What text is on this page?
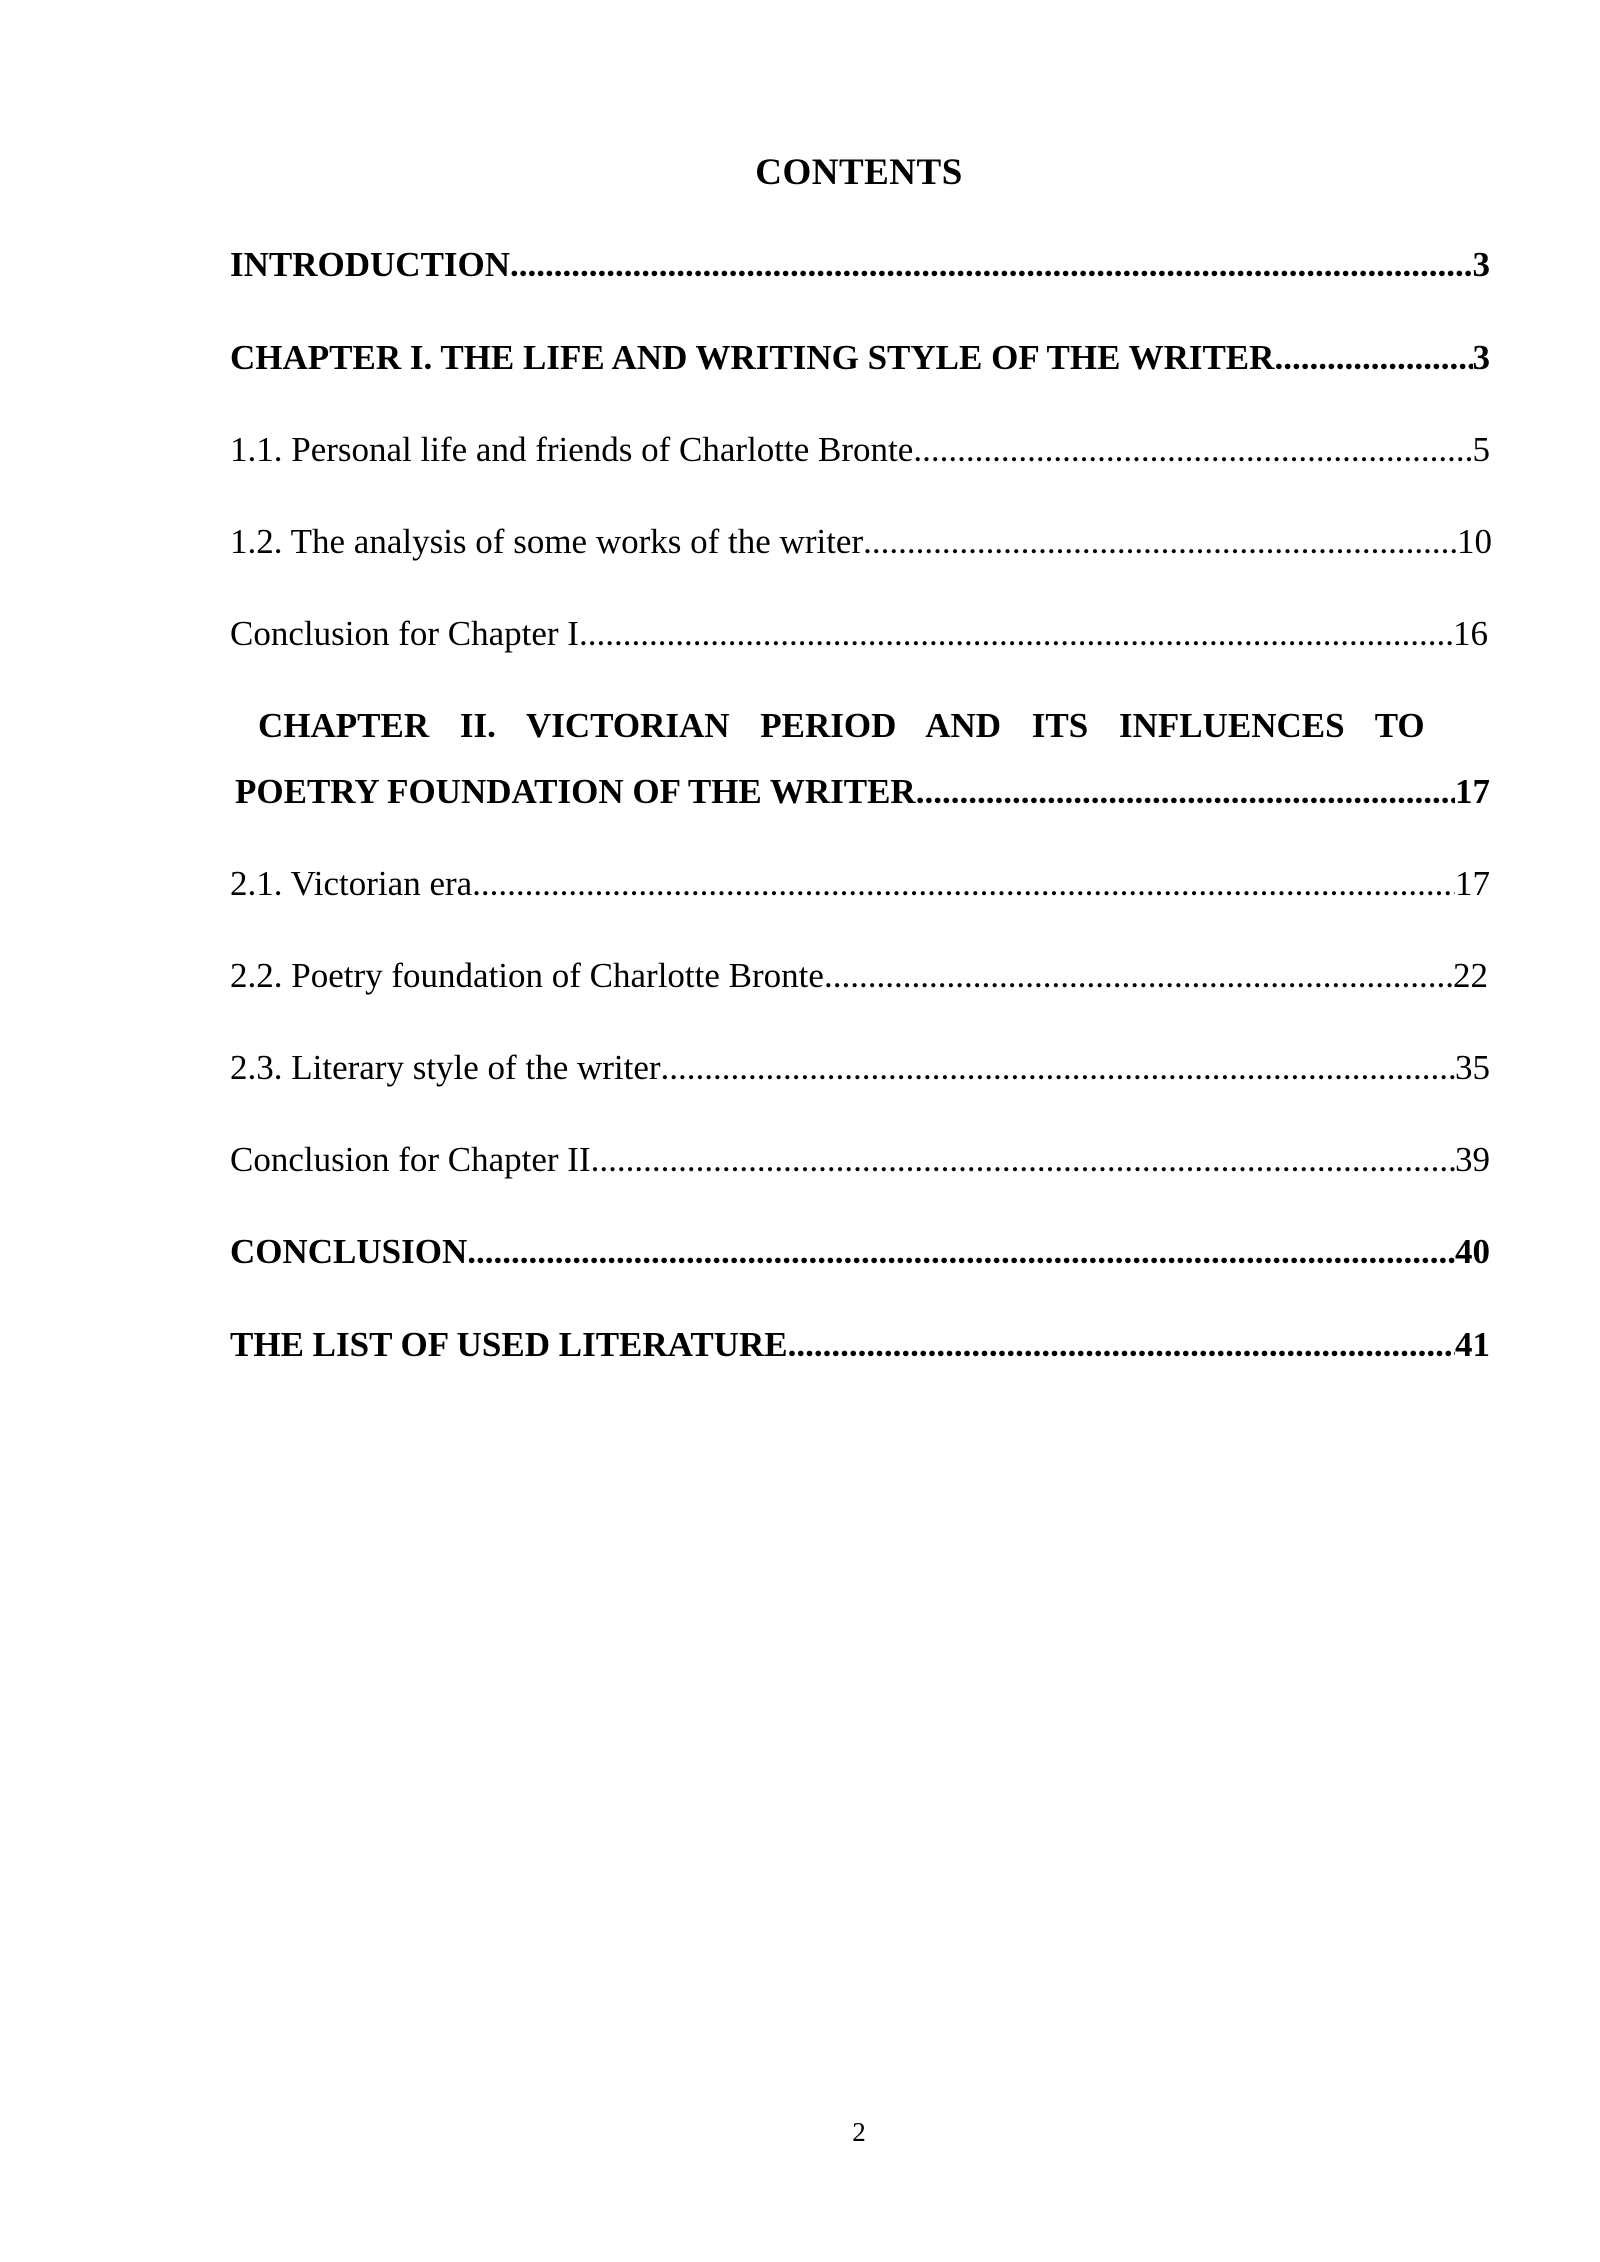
CONTENTS
INTRODUCTION .....	3
CHAPTER I. THE LIFE AND WRITING STYLE OF THE WRITER .....	3
1.1. Personal life and friends of Charlotte Bronte .....	5
1.2. The analysis of some works of the writer .....	10
Conclusion for Chapter I .....	16
CHAPTER II. VICTORIAN PERIOD AND ITS INFLUENCES TO
POETRY FOUNDATION OF THE WRITER .....	17
2.1. Victorian era .....	17
2.2. Poetry foundation of Charlotte Bronte .....	22
2.3. Literary style of the writer .....	35
Conclusion for Chapter II .....	39
CONCLUSION .....	40
THE LIST OF USED LITERATURE .....	41
2
